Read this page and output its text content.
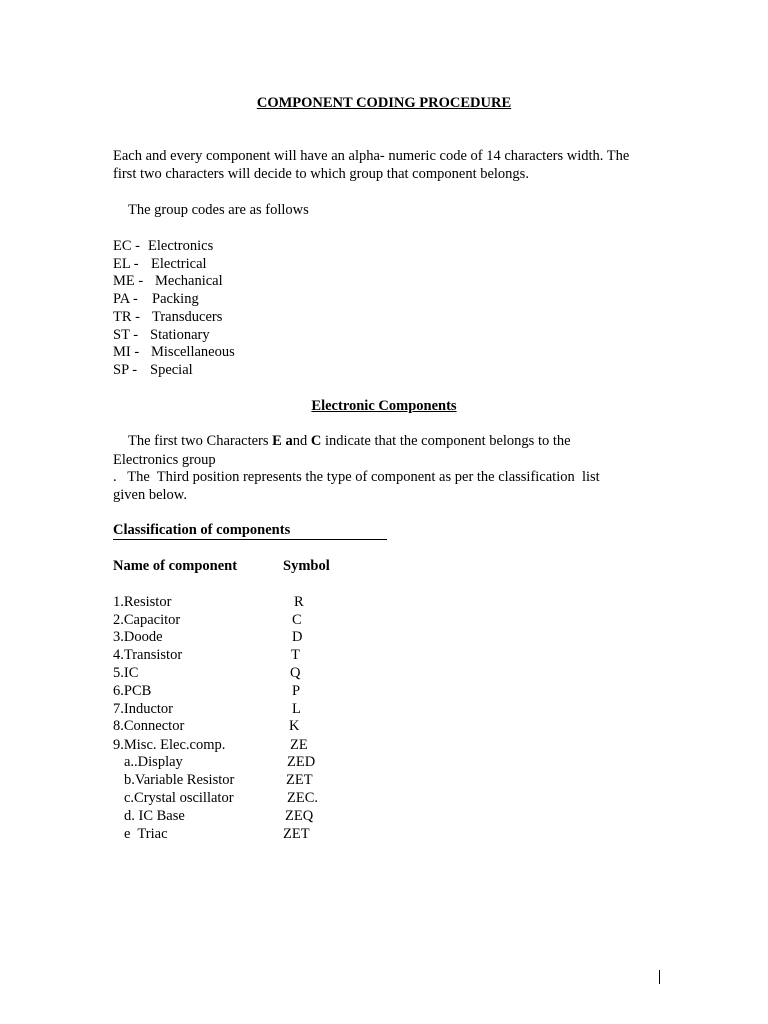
COMPONENT CODING PROCEDURE
Each and every component will have an alpha- numeric code of 14 characters width. The
first two characters will decide to which group that component belongs.
The group codes are as follows
EC - Electronics
EL - Electrical
ME - Mechanical
PA - Packing
TR - Transducers
ST - Stationary
MI - Miscellaneous
SP - Special
Electronic Components
The first two Characters E and C indicate that the component belongs to the
Electronics group
.   The  Third position represents the type of component as per the classification  list
given below.
Classification of components
Name of component	Symbol
1.Resistor	R
2.Capacitor	C
3.Doode	D
4.Transistor	T
5.IC	Q
6.PCB	P
7.Inductor	L
8.Connector	K
9.Misc. Elec.comp.	ZE
a..Display	ZED
b.Variable Resistor	ZET
c.Crystal oscillator	ZEC.
d. IC Base	ZEQ
e  Triac	ZET
